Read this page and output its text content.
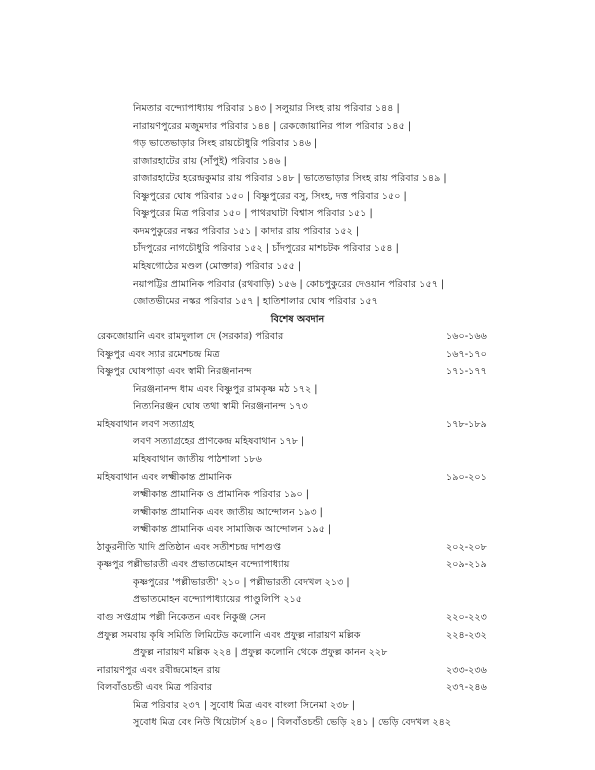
নিমতার বন্দ্যোপাধ্যায় পরিবার ১৪৩ | সলুয়ার সিংহ রায় পরিবার ১৪৪ |
নারায়ণপুরের মজুমদার পরিবার ১৪৪ | রেকজোয়ানির পাল পরিবার ১৪৫ |
গড় ভাতেভাড়ার সিংহ রায়চৌধুরি পরিবার ১৪৬ |
রাজারহাটের রায় (সাঁপুই) পরিবার ১৪৬ |
রাজারহাটের হরেন্দ্রকুমার রায় পরিবার ১৪৮ | ভাতেভাড়ার সিংহ রায় পরিবার ১৪৯ |
বিষ্ণুপুরের ঘোষ পরিবার ১৫০ | বিষ্ণুপুরের বসু, সিংহ, দত্ত পরিবার ১৫০ |
বিষ্ণুপুরের মিত্র পরিবার ১৫০ | পাথরঘাটা বিশ্বাস পরিবার ১৫১ |
কদমপুকুরের নস্কর পরিবার ১৫১ | কাদার রায় পরিবার ১৫২ |
চাঁদপুরের নাগচৌধুরি পরিবার ১৫২ | চাঁদপুরের মাশচটক পরিবার ১৫৪ |
মহিষগোঠের মণ্ডল (মোক্তার) পরিবার ১৫৫ |
নয়াপট্টির প্রামানিক পরিবার (রথবাড়ি) ১৫৬ | কোচপুকুরের দেওয়ান পরিবার ১৫৭ |
জোতভীমের নস্কর পরিবার ১৫৭ | হাতিশালার ঘোষ পরিবার ১৫৭
বিশেষ অবদান
রেকজোয়ানি এবং রামদুলাল দে (সরকার) পরিবার	১৬০-১৬৬
বিষ্ণুপুর এবং স্যার রমেশচন্দ্র মিত্র	১৬৭-১৭০
বিষ্ণুপুর ঘোষপাড়া এবং স্বামী নিরঞ্জনানন্দ	১৭১-১৭৭
নিরঞ্জনানন্দ ধাম এবং বিষ্ণুপুর রামকৃষ্ণ মঠ ১৭২ |
নিত্যনিরঞ্জন ঘোষ তথা স্বামী নিরঞ্জনানন্দ ১৭৩
মহিষবাথান লবণ সত্যাগ্রহ	১৭৮-১৮৯
লবণ সত্যাগ্রহের প্রাণকেন্দ্র মহিষবাথান ১৭৮ |
মহিষবাথান জাতীয় পাঠশালা ১৮৬
মহিষবাথান এবং লক্ষ্মীকান্ত প্রামানিক	১৯০-২০১
লক্ষ্মীকান্ত প্রামানিক ও প্রামানিক পরিবার ১৯০ |
লক্ষ্মীকান্ত প্রামানিক এবং জাতীয় আন্দোলন ১৯৩ |
লক্ষ্মীকান্ত প্রামানিক এবং সামাজিক আন্দোলন ১৯৫ |
ঠাকুরনীতি খাদি প্রতিষ্ঠান এবং সতীশচন্দ্র দাশগুপ্ত	২০২-২০৮
কৃষ্ণপুর পল্লীভারতী এবং প্রভাতমোহন বন্দ্যোপাধ্যায়	২০৯-২১৯
কৃষ্ণপুরের 'পল্লীভারতী' ২১০ | পল্লীভারতী বেদখল ২১৩ |
প্রভাতমোহন বন্দ্যোপাধ্যায়ের পাণ্ডুলিপি ২১৫
বাগু সপ্তগ্রাম পল্লী নিকেতন এবং নিকুঞ্জ সেন	২২০-২২৩
প্রফুল্ল সমবায় কৃষি সমিতি লিমিটেড কলোনি এবং প্রফুল্ল নারায়ণ মল্লিক	২২৪-২৩২
প্রফুল্ল নারায়ণ মল্লিক ২২৪ | প্রফুল্ল কলোনি থেকে প্রফুল্ল কানন ২২৮
নারায়ণপুর এবং রবীন্দ্রমোহন রায়	২৩৩-২৩৬
বিলবাঁওচন্ডী এবং মিত্র পরিবার	২৩৭-২৪৬
মিত্র পরিবার ২৩৭ | সুবোধ মিত্র এবং বাংলা সিনেমা ২৩৮ |
সুবোধ মিত্র বেং নিউ থিয়েটার্স ২৪০ | বিলবাঁওচন্ডী ভেড়ি ২৪১ | ভেড়ি বেদখল ২৪২
